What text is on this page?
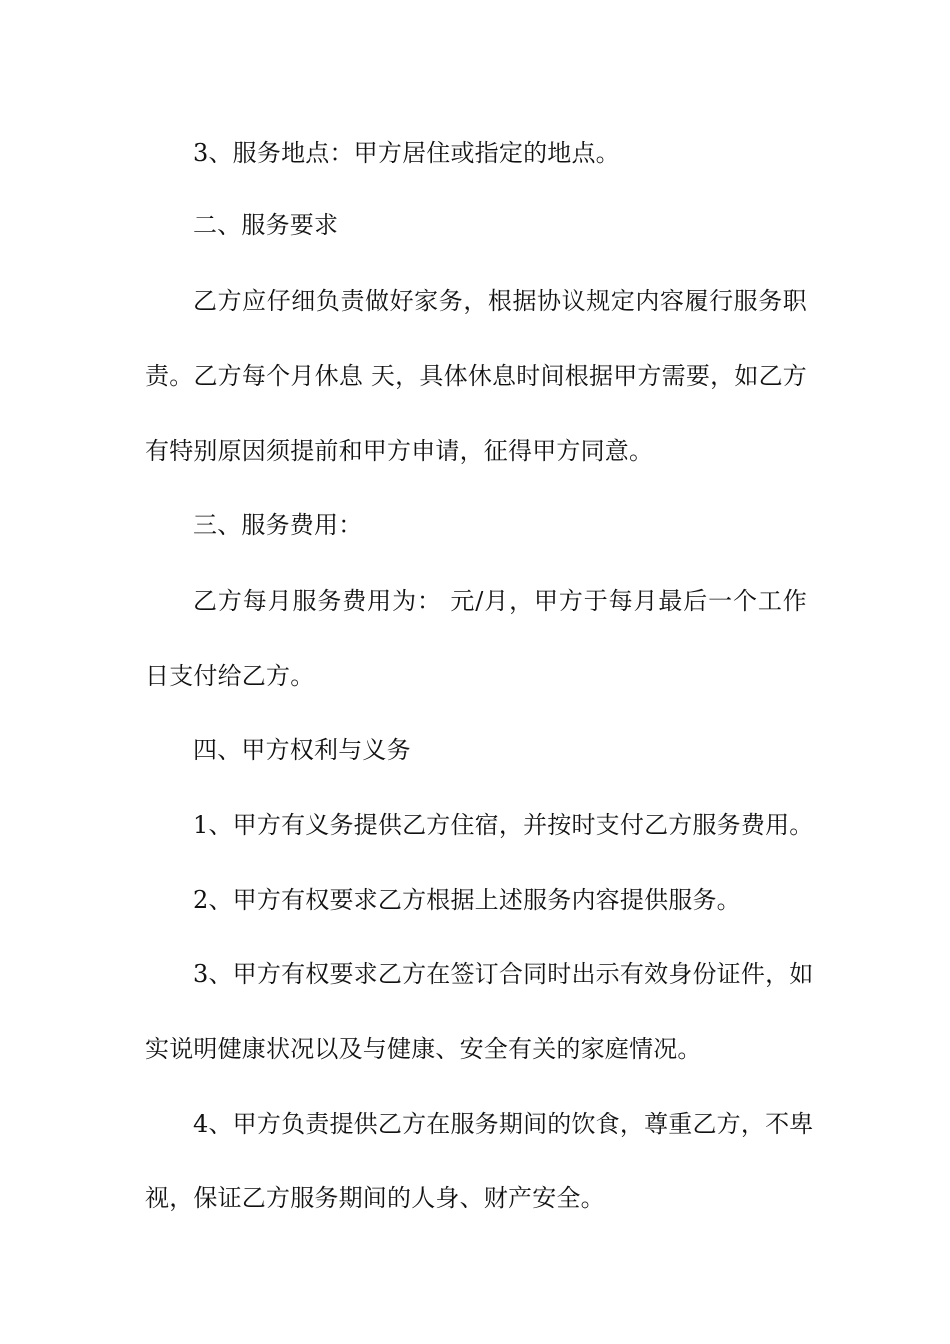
3、服务地点：甲方居住或指定的地点。
二、服务要求
乙方应仔细负责做好家务，根据协议规定内容履行服务职
责。乙方每个月休息 天，具体休息时间根据甲方需要，如乙方
有特别原因须提前和甲方申请，征得甲方同意。
三、服务费用：
乙方每月服务费用为： 元/月，甲方于每月最后一个工作
日支付给乙方。
四、甲方权利与义务
1、甲方有义务提供乙方住宿，并按时支付乙方服务费用。
2、甲方有权要求乙方根据上述服务内容提供服务。
3、甲方有权要求乙方在签订合同时出示有效身份证件，如
实说明健康状况以及与健康、安全有关的家庭情况。
4、甲方负责提供乙方在服务期间的饮食，尊重乙方，不卑
视，保证乙方服务期间的人身、财产安全。
